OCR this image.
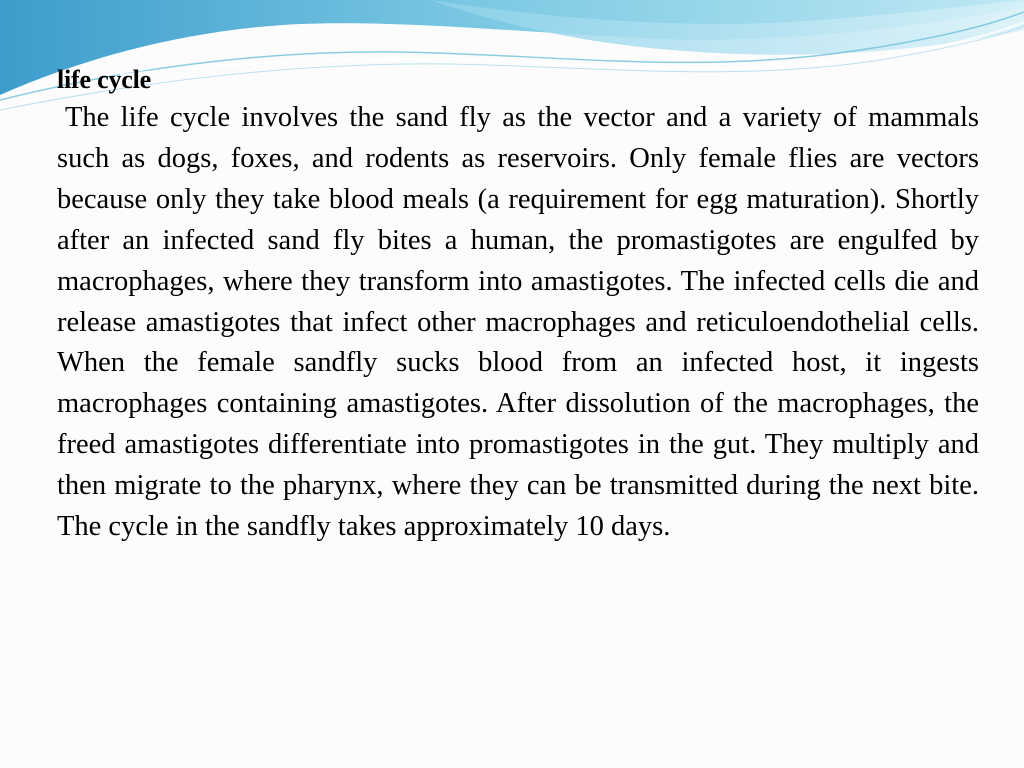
life cycle

The life cycle involves the sand fly as the vector and a variety of mammals such as dogs, foxes, and rodents as reservoirs. Only female flies are vectors because only they take blood meals (a requirement for egg maturation). Shortly after an infected sand fly bites a human, the promastigotes are engulfed by macrophages, where they transform into amastigotes. The infected cells die and release amastigotes that infect other macrophages and reticuloendothelial cells. When the female sandfly sucks blood from an infected host, it ingests macrophages containing amastigotes. After dissolution of the macrophages, the freed amastigotes differentiate into promastigotes in the gut. They multiply and then migrate to the pharynx, where they can be transmitted during the next bite. The cycle in the sandfly takes approximately 10 days.
